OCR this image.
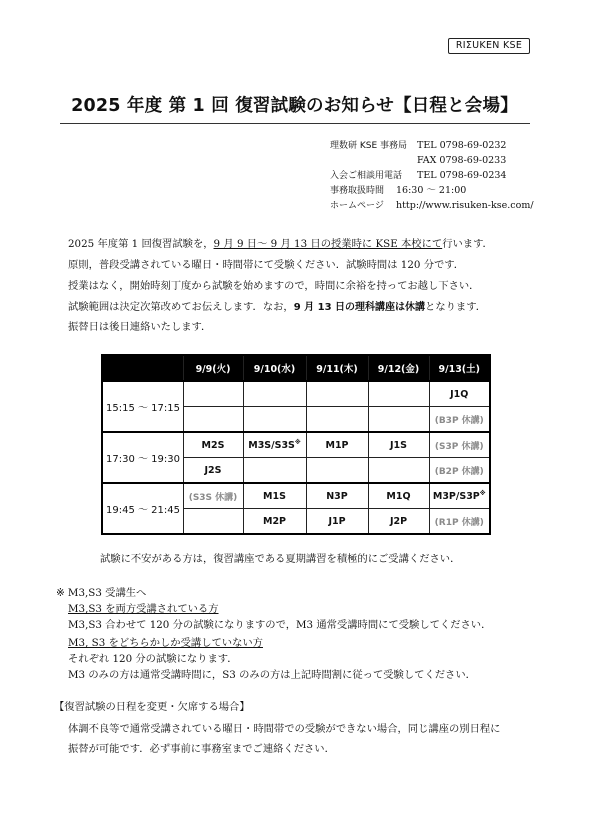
RIΣUKEN KSE
2025 年度 第 1 回 復習試験のお知らせ【日程と会場】
理数研 KSE 事務局 TEL 0798-69-0232
FAX 0798-69-0233
入会ご相談用電話 TEL 0798-69-0234
事務取扱時間 16:30 ～ 21:00
ホームページ http://www.risuken-kse.com/
2025 年度第 1 回復習試験を，9 月 9 日～ 9 月 13 日の授業時に KSE 本校にて行います．
原則，普段受講されている曜日・時間帯にて受験ください．試験時間は 120 分です．
授業はなく，開始時刻丁度から試験を始めますので，時間に余裕を持ってお越し下さい．
試験範囲は決定次第改めてお伝えします．なお，9 月 13 日の理科講座は休講となります．
振替日は後日連絡いたします．
	9/9(火)	9/10(水)	9/11(木)	9/12(金)	9/13(土)
15:15 ～ 17:15					J1Q
					(B3P 休講)
17:30 ～ 19:30	M2S	M3S/S3S※	M1P	J1S	(S3P 休講)
	J2S				(B2P 休講)
19:45 ～ 21:45	(S3S 休講)	M1S	N3P	M1Q	M3P/S3P※
		M2P	J1P	J2P	(R1P 休講)
試験に不安がある方は，復習講座である夏期講習を積極的にご受講ください．
※ M3,S3 受講生へ
M3,S3 を両方受講されている方
M3,S3 合わせて 120 分の試験になりますので，M3 通常受講時間にて受験してください．
M3, S3 をどちらかしか受講していない方
それぞれ 120 分の試験になります．
M3 のみの方は通常受講時間に，S3 のみの方は上記時間割に従って受験してください．
【復習試験の日程を変更・欠席する場合】
体調不良等で通常受講されている曜日・時間帯での受験ができない場合，同じ講座の別日程に
振替が可能です．必ず事前に事務室までご連絡ください．
